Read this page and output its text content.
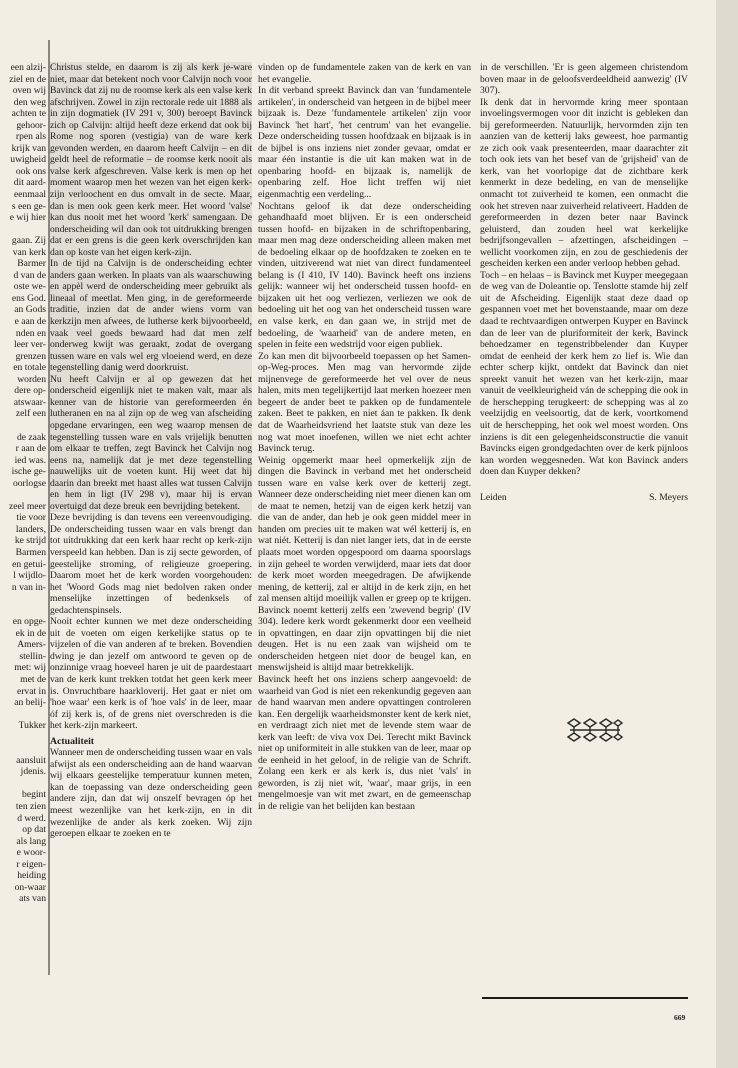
een alzij-

ziel en de

oven wij

den weg

achten te

gehoor-

rpen als

krijk van

uwigheid

ook ons

dit aard-

eenmaal

s een ge-

e wij hier

gaan. Zij

van kerk

Barmer

d van de

oste we-

ens God.

an Gods

e aan de

nden en

leer ver-

grenzen

en totale

worden

dere op-

atswaar-

zelf een

de zaak

r aan de

ied was.

ische ge-

oorlogse

zeel meer

tie voor

landers,

ke strijd

Barmen

en getui-

l wijdlo-

n van in-

en opge-

ek in de

Amers-

stellin-

met: wij

met de

ervat in

an belij-

Tukker

aansluit

jdenis.

begint

ten zien

d werd.

op dat

als lang

e woor-

r eigen-

heiding

on-waar

ats van

Christus stelde, en daarom is zij als kerk je-ware niet, maar dat betekent noch voor Calvijn noch voor Bavinck dat zij nu de roomse kerk als een valse kerk afschrijven. Zowel in zijn rectorale rede uit 1888 als in zijn dogmatiek (IV 291 v, 300) beroept Bavinck zich op Calvijn: altijd heeft deze erkend dat ook bij Rome nog sporen (vestigia) van de ware kerk gevonden werden, en daarom heeft Calvijn – en dit geldt heel de reformatie – de roomse kerk nooit als valse kerk afgeschreven. Valse kerk is men op het moment waarop men het wezen van het eigen kerk-zijn verloochent en dus omvalt in de secte. Maar, dan is men ook geen kerk meer. Het woord 'valse' kan dus nooit met het woord 'kerk' samengaan. De onderscheiding wil dan ook tot uitdrukking brengen dat er een grens is die geen kerk overschrijden kan dan op koste van het eigen kerk-zijn.

In de tijd na Calvijn is de onderscheiding echter anders gaan werken. In plaats van als waarschuwing en appèl werd de onderscheiding meer gebruikt als lineaal of meetlat. Men ging, in de gereformeerde traditie, inzien dat de ander wiens vorm van kerkzijn men afwees, de lutherse kerk bijvoorbeeld, vaak veel goeds bewaard had dat men zelf onderweg kwijt was geraakt, zodat de overgang tussen ware en vals wel erg vloeiend werd, en deze tegenstelling danig werd doorkruist.

Nu heeft Calvijn er al op gewezen dat het onderscheid eigenlijk niet te maken valt, maar als kenner van de historie van gereformeerden én lutheranen en na al zijn op de weg van afscheiding opgedane ervaringen, een weg waarop mensen de tegenstelling tussen ware en vals vrijelijk benutten om elkaar te treffen, zegt Bavinck het Calvijn nog eens na, namelijk dat je met deze tegenstelling nauwelijks uit de voeten kunt. Hij weet dat hij daarin dan breekt met haast alles wat tussen Calvijn en hem in ligt (IV 298 v), maar hij is ervan overtuigd dat deze breuk een bevrijding betekent.

Deze bevrijding is dan tevens een vereenvoudiging. De onderscheiding tussen waar en vals brengt dan tot uitdrukking dat een kerk haar recht op kerk-zijn verspeeld kan hebben. Dan is zij secte geworden, of geestelijke stroming, of religieuze groepering. Daarom moet het de kerk worden voorgehouden: het 'Woord Gods mag niet bedolven raken onder menselijke inzettingen of bedenksels of gedachtenspinsels.

Nooit echter kunnen we met deze onderscheiding uit de voeten om eigen kerkelijke status op te vijzelen of die van anderen af te breken. Bovendien dwing je dan jezelf om antwoord te geven op de onzinnige vraag hoeveel haren je uit de paardestaart van de kerk kunt trekken totdat het geen kerk meer is. Onvruchtbare haarkloverij. Het gaat er niet om 'hoe waar' een kerk is of 'hoe vals' in de leer, maar óf zij kerk is, of de grens niet overschreden is die het kerk-zijn markeert.

Actualiteit

Wanneer men de onderscheiding tussen waar en vals afwijst als een onderscheiding aan de hand waarvan wij elkaars geestelijke temperatuur kunnen meten, kan de toepassing van deze onderscheiding geen andere zijn, dan dat wij onszelf bevragen óp het meest wezenlijke van het kerk-zijn, en in dit wezenlijke de ander als kerk zoeken. Wij zijn geroepen elkaar te zoeken en te

vinden op de fundamentele zaken van de kerk en van het evangelie.

In dit verband spreekt Bavinck dan van 'fundamentele artikelen', in onderscheid van hetgeen in de bijbel meer bijzaak is. Deze 'fundamentele artikelen' zijn voor Bavinck 'het hart', 'het centrum' van het evangelie. Deze onderscheiding tussen hoofdzaak en bijzaak is in de bijbel is ons inziens niet zonder gevaar, omdat er maar één instantie is die uit kan maken wat in de openbaring hoofd- en bijzaak is, namelijk de openbaring zelf. Hoe licht treffen wij niet eigenmachtig een verdeling...

Nochtans geloof ik dat deze onderscheiding gehandhaafd moet blijven. Er is een onderscheid tussen hoofd- en bijzaken in de schriftopenbaring, maar men mag deze onderscheiding alleen maken met de bedoeling elkaar op de hoofdzaken te zoeken en te vinden, uitziverend wat niet van direct fundamenteel belang is (I 410, IV 140). Bavinck heeft ons inziens gelijk: wanneer wij het onderscheid tussen hoofd- en bijzaken uit het oog verliezen, verliezen we ook de bedoeling uit het oog van het onderscheid tussen ware en valse kerk, en dan gaan we, in strijd met de bedoeling, de 'waarheid' van de andere meten, en spelen in feite een wedstrijd voor eigen publiek.

Zo kan men dit bijvoorbeeld toepassen op het Samen-op-Weg-proces. Men mag van hervormde zijde mijnenvege de gereformeerde het vel over de neus halen, mits men tegelijkertijd laat merken hoezeer men begeert de ander beet te pakken op de fundamentele zaken. Beet te pakken, en niet áan te pakken. Ik denk dat de Waarheidsvriend het laatste stuk van deze les nog wat moet inoefenen, willen we niet echt achter Bavinck terug.

Weinig opgemerkt maar heel opmerkelijk zijn de dingen die Bavinck in verband met het onderscheid tussen ware en valse kerk over de ketterij zegt. Wanneer deze onderscheiding niet meer dienen kan om de maat te nemen, hetzij van de eigen kerk hetzij van die van de ander, dan heb je ook geen middel meer in handen om precies uit te maken wat wél ketterij is, en wat niét. Ketterij is dan niet langer iets, dat in de eerste plaats moet worden opgespoord om daarna spoorslags in zijn geheel te worden verwijderd, maar iets dat door de kerk moet worden meegedragen. De afwijkende mening, de ketterij, zal er altijd in de kerk zijn, en het zal mensen altijd moeilijk vallen er greep op te krijgen. Bavinck noemt ketterij zelfs een 'zwevend begrip' (IV 304). Iedere kerk wordt gekenmerkt door een veelheid in opvattingen, en daar zijn opvattingen bij die niet deugen. Het is nu een zaak van wijsheid om te onderscheiden hetgeen niet door de beugel kan, en menswijsheid is altijd maar betrekkelijk.

Bavinck heeft het ons inziens scherp aangevoeld: de waarheid van God is niet een rekenkundig gegeven aan de hand waarvan men andere opvattingen controleren kan. Een dergelijk waarheidsmonster kent de kerk niet, en verdraagt zich niet met de levende stem waar de kerk van leeft: de viva vox Dei. Terecht mikt Bavinck niet op uniformiteit in alle stukken van de leer, maar op de eenheid in het geloof, in de religie van de Schrift. Zolang een kerk er als kerk is, dus niet 'vals' in geworden, is zij niet wit, 'waar', maar grijs, in een mengelmoesje van wit met zwart, en de gemeenschap in de religie van het belijden kan bestaan

in de verschillen. 'Er is geen algemeen christendom boven maar in de geloofsverdeeldheid aanwezig' (IV 307).

Ik denk dat in hervormde kring meer spontaan invoelingsvermogen voor dit inzicht is gebleken dan bij gereformeerden. Natuurlijk, hervormden zijn ten aanzien van de ketterij laks geweest, hoe parmantig ze zich ook vaak presenteerden, maar daarachter zit toch ook iets van het besef van de 'grijsheid' van de kerk, van het voorlopige dat de zichtbare kerk kenmerkt in deze bedeling, en van de menselijke onmacht tot zuiverheid te komen, een onmacht die ook het streven naar zuiverheid relativeert. Hadden de gereformeerden in dezen beter naar Bavinck geluisterd, dan zouden heel wat kerkelijke bedrijfsongevallen – afzettingen, afscheidingen – wellicht voorkomen zijn, en zou de geschiedenis der gescheiden kerken een ander verloop hebben gehad.

Toch – en helaas – is Bavinck met Kuyper meegegaan de weg van de Doleantie op. Tenslotte stamde hij zelf uit de Afscheiding. Eigenlijk staat deze daad op gespannen voet met het bovenstaande, maar om deze daad te rechtvaardigen ontwerpen Kuyper en Bavinck dan de leer van de pluriformiteit der kerk, Bavinck behoedzamer en tegenstribbelender dan Kuyper omdat de eenheid der kerk hem zo lief is. Wie dan echter scherp kijkt, ontdekt dat Bavinck dan niet spreekt vanuit het wezen van het kerk-zijn, maar vanuit de veelkleurigheid ván de schepping die ook in de herschepping terugkeert: de schepping was al zo veelzijdig en veelsoortig, dat de kerk, voortkomend uit de herschepping, het ook wel moest worden. Ons inziens is dit een gelegenheidsconstructie die vanuit Bavincks eigen grondgedachten over de kerk pijnloos kan worden weggesneden. Wat kon Bavinck anders doen dan Kuyper dekken?

Leiden	S. Meyers
669
